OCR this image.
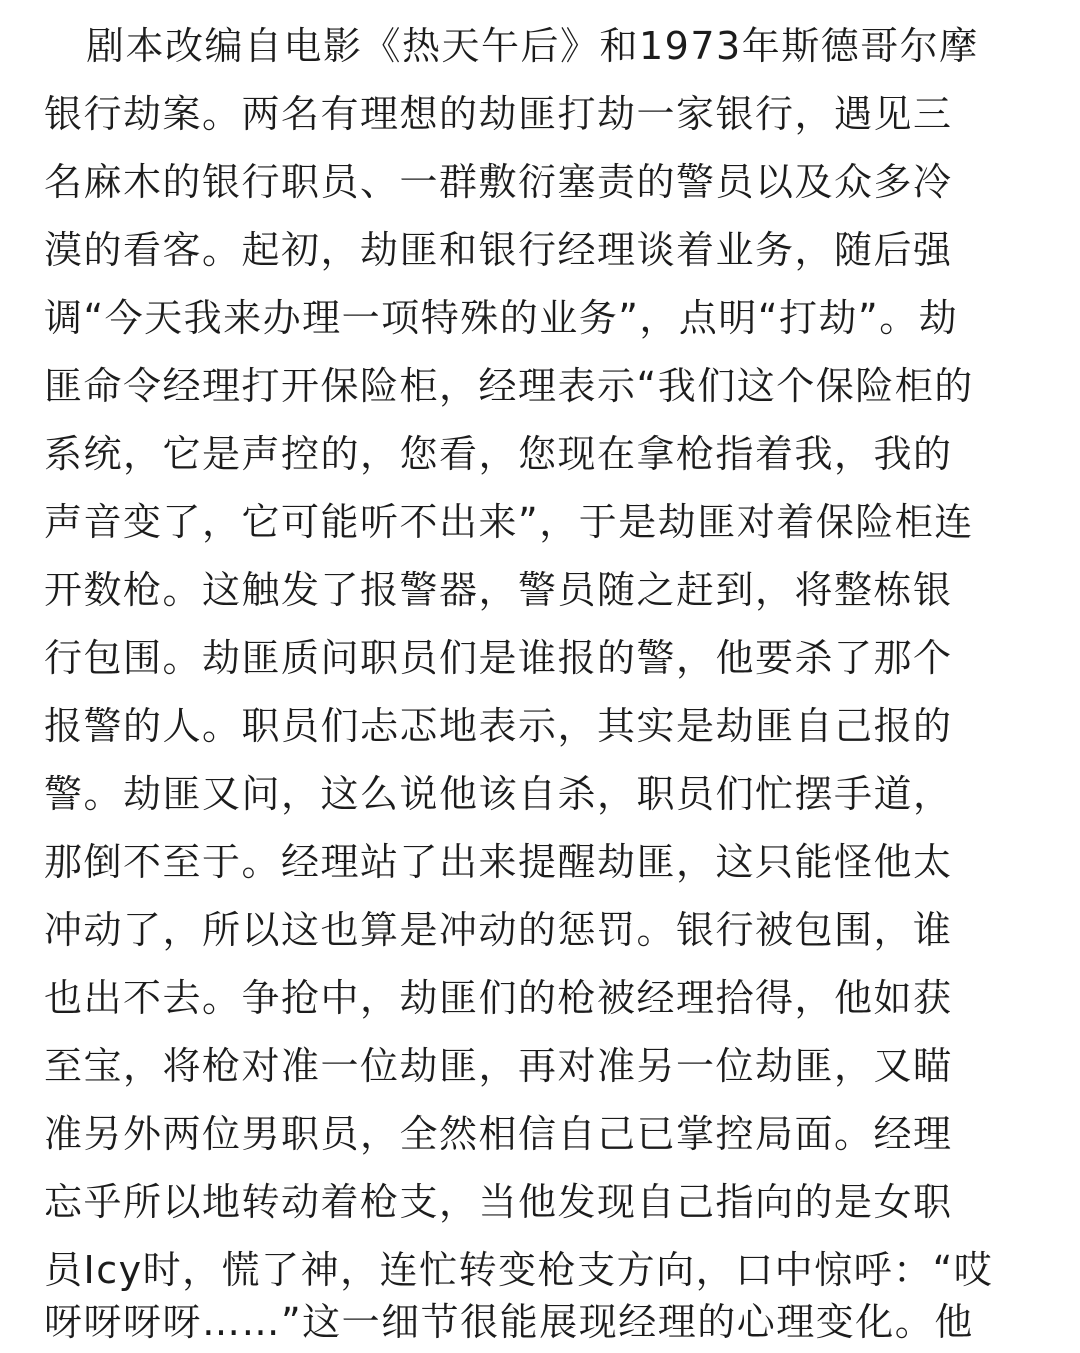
剧本改编自电影《热天午后》和1973年斯德哥尔摩
银行劫案。两名有理想的劫匪打劫一家银行，遇见三
名麻木的银行职员、一群敷衍塞责的警员以及众多冷
漠的看客。起初，劫匪和银行经理谈着业务，随后强
调“今天我来办理一项特殊的业务”，点明“打劫”。劫
匪命令经理打开保险柜，经理表示“我们这个保险柜的
系统，它是声控的，您看，您现在拿枪指着我，我的
声音变了，它可能听不出来”，于是劫匪对着保险柜连
开数枪。这触发了报警器，警员随之赶到，将整栋银
行包围。劫匪质问职员们是谁报的警，他要杀了那个
报警的人。职员们忐忑地表示，其实是劫匪自己报的
警。劫匪又问，这么说他该自杀，职员们忙摆手道，
那倒不至于。经理站了出来提醒劫匪，这只能怪他太
冲动了，所以这也算是冲动的惩罚。银行被包围，谁
也出不去。争抢中，劫匪们的枪被经理拾得，他如获
至宝，将枪对准一位劫匪，再对准另一位劫匪，又瞄
准另外两位男职员，全然相信自己已掌控局面。经理
忘乎所以地转动着枪支，当他发现自己指向的是女职
员Icy时，慌了神，连忙转变枪支方向，口中惊呼：“哎
呀呀呀呀……”这一细节很能展现经理的心理变化。他
